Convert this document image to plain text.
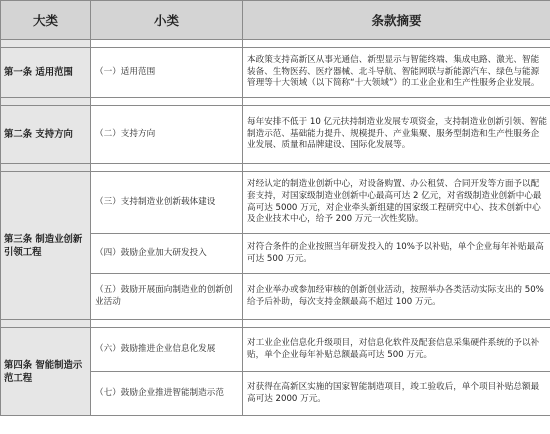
大类	小类	条款摘要

第一条 适用范围	（一）适用范围	本政策支持高新区从事光通信、新型显示与智能终端、集成电路、激光、智能装备、生物医药、医疗器械、北斗导航、智能网联与新能源汽车、绿色与能源管理等十大领域（以下简称“十大领域”）的工业企业和生产性服务企业发展。

第二条 支持方向	（二）支持方向	每年安排不低于 10 亿元扶持制造业发展专项资金，支持制造业创新引领、智能制造示范、基础能力提升、规模提升、产业集聚、服务型制造和生产性服务企业发展、质量和品牌建设、国际化发展等。

第三条 制造业创新引领工程	（三）支持制造业创新载体建设	对经认定的制造业创新中心，对设备购置、办公租赁、合同开发等方面予以配套支持，对国家级制造业创新中心最高可达 2 亿元，对省级制造业创新中心最高可达 5000 万元，对企业牵头新组建的国家级工程研究中心、技术创新中心及企业技术中心，给予 200 万元一次性奖励。
	（四）鼓励企业加大研发投入	对符合条件的企业按照当年研发投入的 10%予以补贴，单个企业每年补贴最高可达 500 万元。
	（五）鼓励开展面向制造业的创新创业活动	对企业举办或参加经审核的创新创业活动，按照举办各类活动实际支出的 50%给予后补助，每次支持金额最高不超过 100 万元。

第四条 智能制造示范工程	（六）鼓励推进企业信息化发展	对工业企业信息化升级项目，对信息化软件及配套信息采集硬件系统的予以补贴，单个企业每年补贴总额最高可达 500 万元。
	（七）鼓励企业推进智能制造示范	对获得在高新区实施的国家智能制造项目，竣工验收后，单个项目补贴总额最高可达 2000 万元。
